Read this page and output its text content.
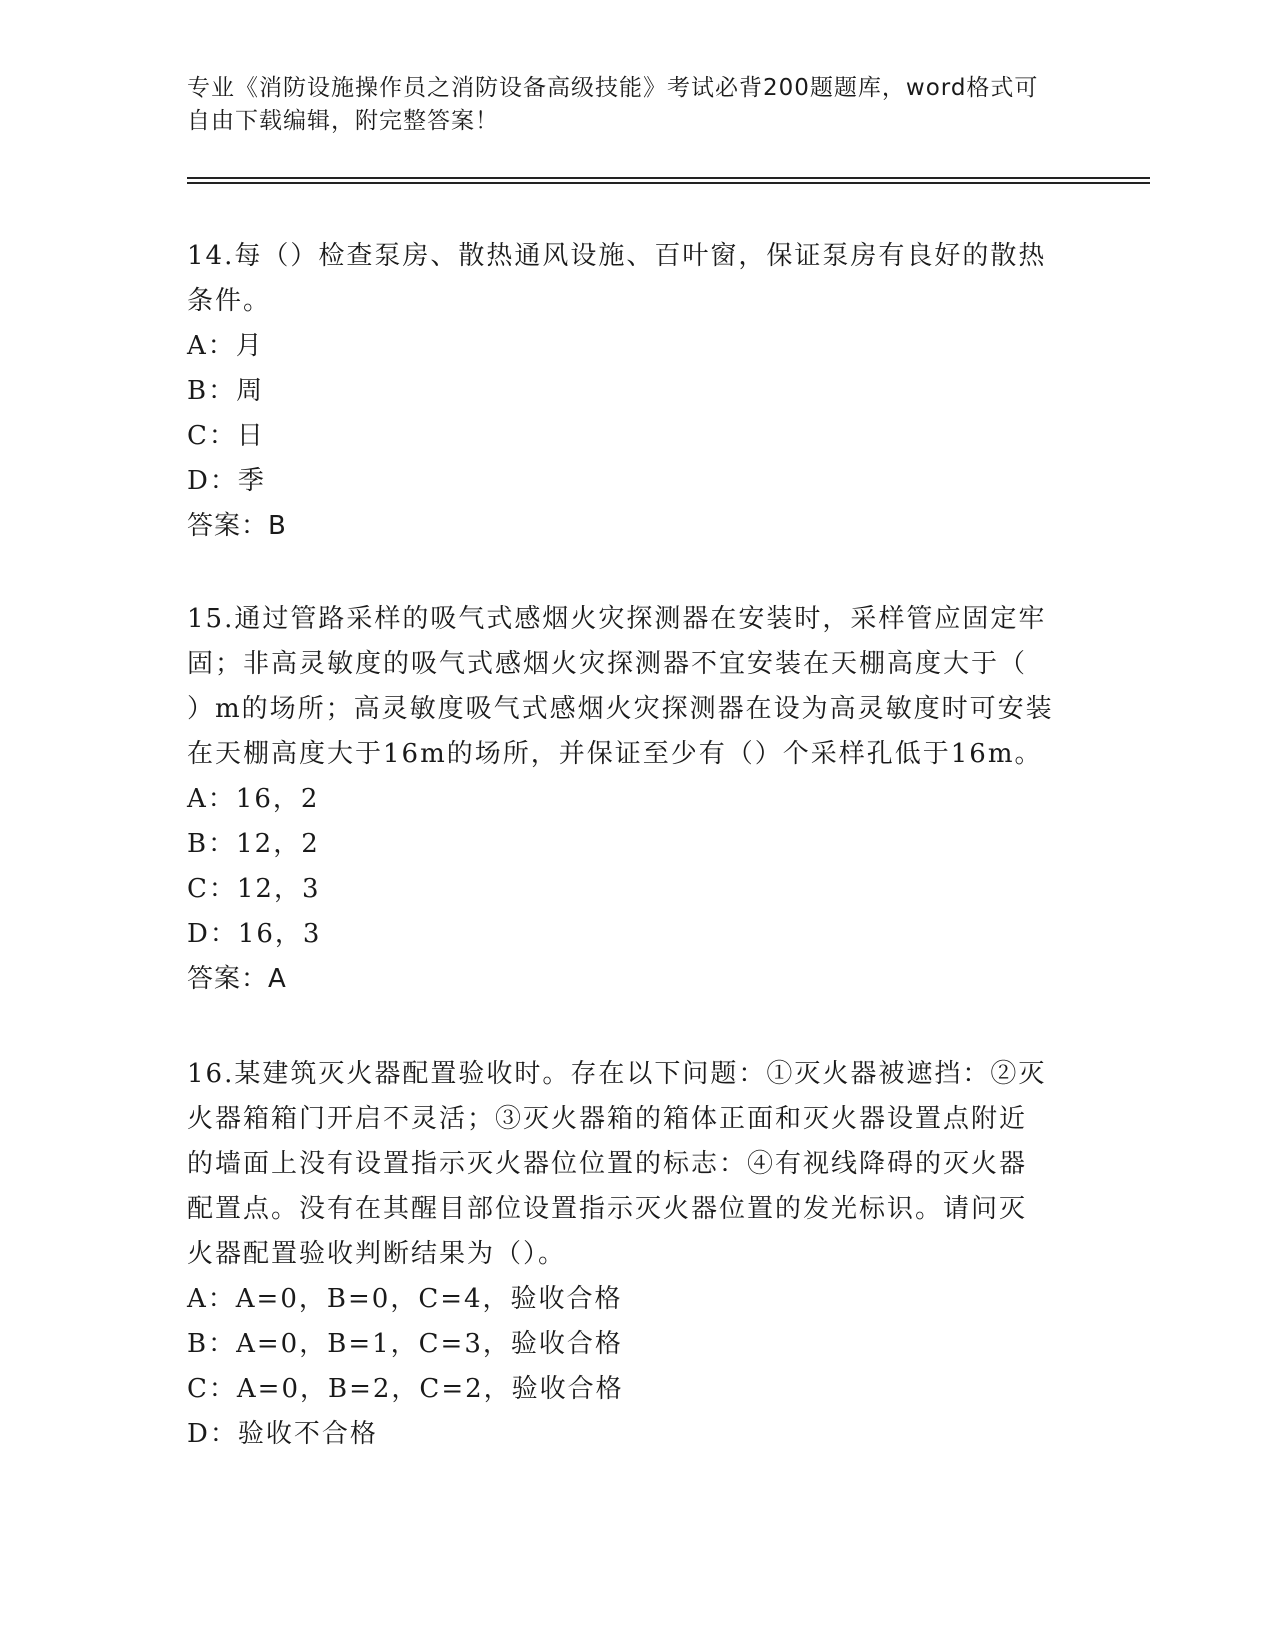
专业《消防设施操作员之消防设备高级技能》考试必背200题题库，word格式可

自由下载编辑，附完整答案！

14.每（）检查泵房、散热通风设施、百叶窗，保证泵房有良好的散热

条件。

A：月

B：周

C：日

D：季

答案：B

15.通过管路采样的吸气式感烟火灾探测器在安装时，采样管应固定牢

固；非高灵敏度的吸气式感烟火灾探测器不宜安装在天棚高度大于（

）m的场所；高灵敏度吸气式感烟火灾探测器在设为高灵敏度时可安装

在天棚高度大于16m的场所，并保证至少有（）个采样孔低于16m。

A：16，2

B：12，2

C：12，3

D：16，3

答案：A

16.某建筑灭火器配置验收时。存在以下问题：①灭火器被遮挡：②灭

火器箱箱门开启不灵活；③灭火器箱的箱体正面和灭火器设置点附近

的墙面上没有设置指示灭火器位位置的标志：④有视线降碍的灭火器

配置点。没有在其醒目部位设置指示灭火器位置的发光标识。请问灭

火器配置验收判断结果为（）。

A：A=0，B=0，C=4，验收合格

B：A=0，B=1，C=3，验收合格

C：A=0，B=2，C=2，验收合格

D：验收不合格
